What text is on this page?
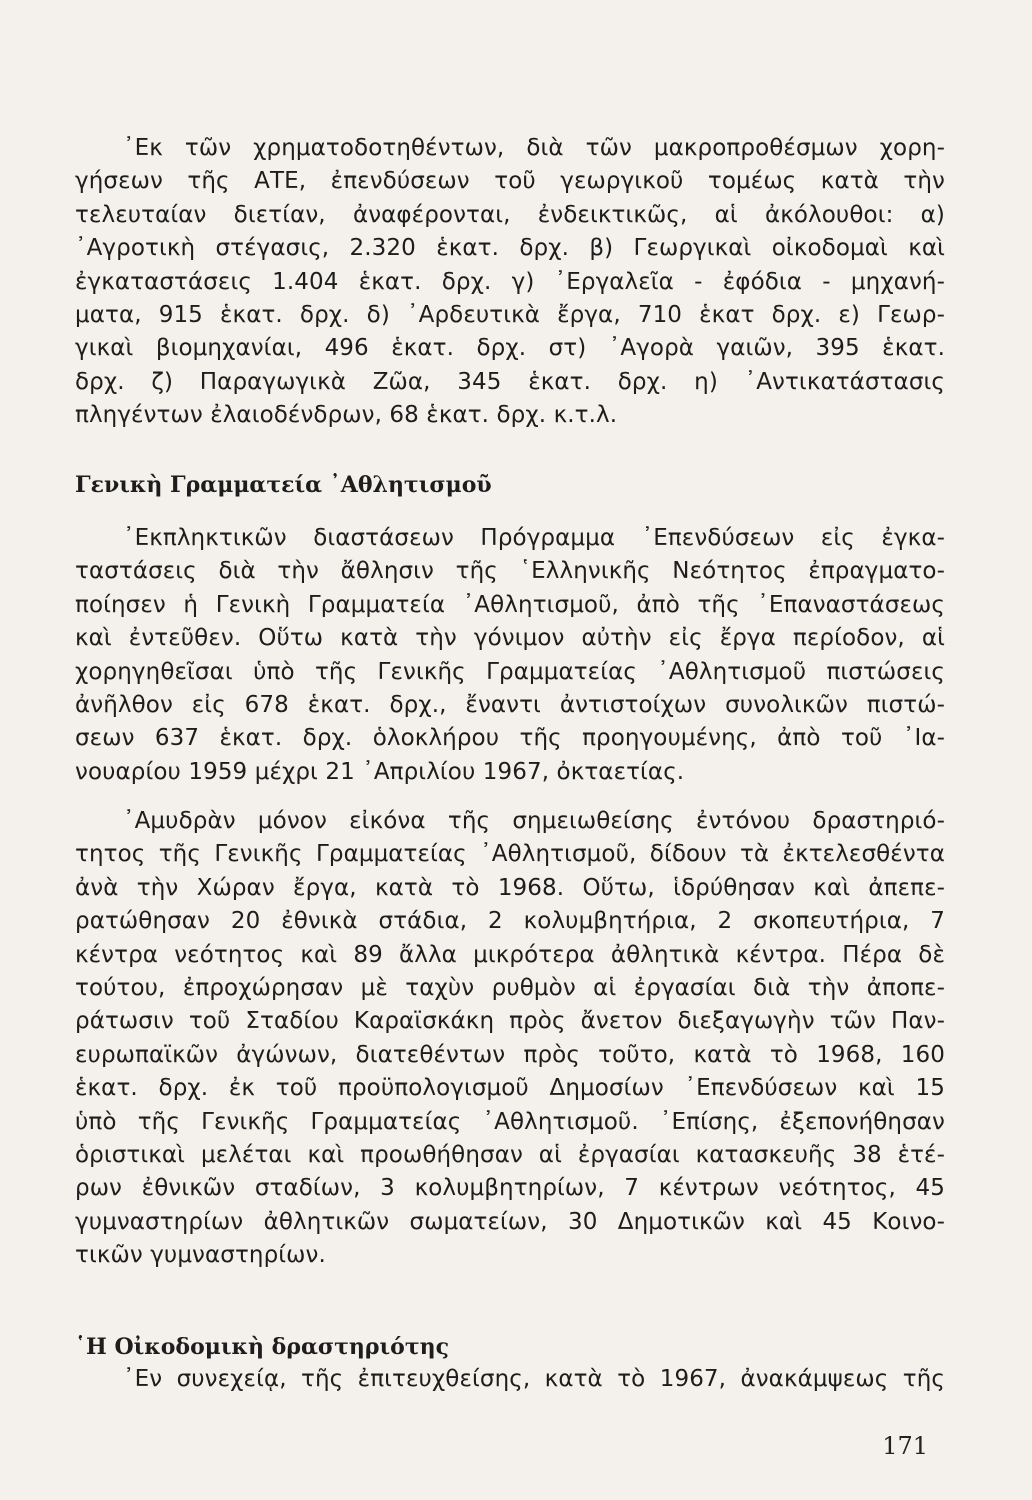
᾿Εκ τῶν χρηματοδοτηθέντων, διὰ τῶν μακροπροθέσμων χορη-
γήσεων τῆς ΑΤΕ, ἐπενδύσεων τοῦ γεωργικοῦ τομέως κατὰ τὴν
τελευταίαν διετίαν, ἀναφέρονται, ἐνδεικτικῶς, αἱ ἀκόλουθοι: α)
᾿Αγροτικὴ στέγασις, 2.320 ἑκατ. δρχ. β) Γεωργικαὶ οἰκοδομαὶ καὶ
ἐγκαταστάσεις 1.404 ἑκατ. δρχ. γ) ᾿Εργαλεῖα - ἐφόδια - μηχανή-
ματα, 915 ἑκατ. δρχ. δ) ᾿Αρδευτικὰ ἔργα, 710 ἑκατ δρχ. ε) Γεωρ-
γικαὶ βιομηχανίαι, 496 ἑκατ. δρχ. στ) ᾿Αγορὰ γαιῶν, 395 ἑκατ.
δρχ. ζ) Παραγωγικὰ Ζῶα, 345 ἑκατ. δρχ. η) ᾿Αντικατάστασις
πληγέντων ἐλαιοδένδρων, 68 ἑκατ. δρχ. κ.τ.λ.
Γενικὴ Γραμματεία ᾿Αθλητισμοῦ
᾿Εκπληκτικῶν διαστάσεων Πρόγραμμα ᾿Επενδύσεων εἰς ἐγκα-
ταστάσεις διὰ τὴν ἄθλησιν τῆς ῾Ελληνικῆς Νεότητος ἐπραγματο-
ποίησεν ἡ Γενικὴ Γραμματεία ᾿Αθλητισμοῦ, ἀπὸ τῆς ᾿Επαναστάσεως
καὶ ἐντεῦθεν. Οὕτω κατὰ τὴν γόνιμον αὐτὴν εἰς ἔργα περίοδον, αἱ
χορηγηθεῖσαι ὑπὸ τῆς Γενικῆς Γραμματείας ᾿Αθλητισμοῦ πιστώσεις
ἀνῆλθον εἰς 678 ἑκατ. δρχ., ἔναντι ἀντιστοίχων συνολικῶν πιστώ-
σεων 637 ἑκατ. δρχ. ὁλοκλήρου τῆς προηγουμένης, ἀπὸ τοῦ ᾿Ια-
νουαρίου 1959 μέχρι 21 ᾿Απριλίου 1967, ὀκταετίας.
᾿Αμυδρὰν μόνον εἰκόνα τῆς σημειωθείσης ἐντόνου δραστηριό-
τητος τῆς Γενικῆς Γραμματείας ᾿Αθλητισμοῦ, δίδουν τὰ ἐκτελεσθέντα
ἀνὰ τὴν Χώραν ἔργα, κατὰ τὸ 1968. Οὕτω, ἱδρύθησαν καὶ ἀπεπε-
ρατώθησαν 20 ἐθνικὰ στάδια, 2 κολυμβητήρια, 2 σκοπευτήρια, 7
κέντρα νεότητος καὶ 89 ἄλλα μικρότερα ἀθλητικὰ κέντρα. Πέρα δὲ
τούτου, ἐπροχώρησαν μὲ ταχὺν ρυθμὸν αἱ ἐργασίαι διὰ τὴν ἀποπε-
ράτωσιν τοῦ Σταδίου Καραϊσκάκη πρὸς ἄνετον διεξαγωγὴν τῶν Παν-
ευρωπαϊκῶν ἀγώνων, διατεθέντων πρὸς τοῦτο, κατὰ τὸ 1968, 160
ἑκατ. δρχ. ἐκ τοῦ προϋπολογισμοῦ Δημοσίων ᾿Επενδύσεων καὶ 15
ὑπὸ τῆς Γενικῆς Γραμματείας ᾿Αθλητισμοῦ. ᾿Επίσης, ἐξεπονήθησαν
ὁριστικαὶ μελέται καὶ προωθήθησαν αἱ ἐργασίαι κατασκευῆς 38 ἑτέ-
ρων ἐθνικῶν σταδίων, 3 κολυμβητηρίων, 7 κέντρων νεότητος, 45
γυμναστηρίων ἀθλητικῶν σωματείων, 30 Δημοτικῶν καὶ 45 Κοινο-
τικῶν γυμναστηρίων.
῾Η Οἰκοδομικὴ δραστηριότης
᾿Εν συνεχείᾳ, τῆς ἐπιτευχθείσης, κατὰ τὸ 1967, ἀνακάμψεως τῆς
171
